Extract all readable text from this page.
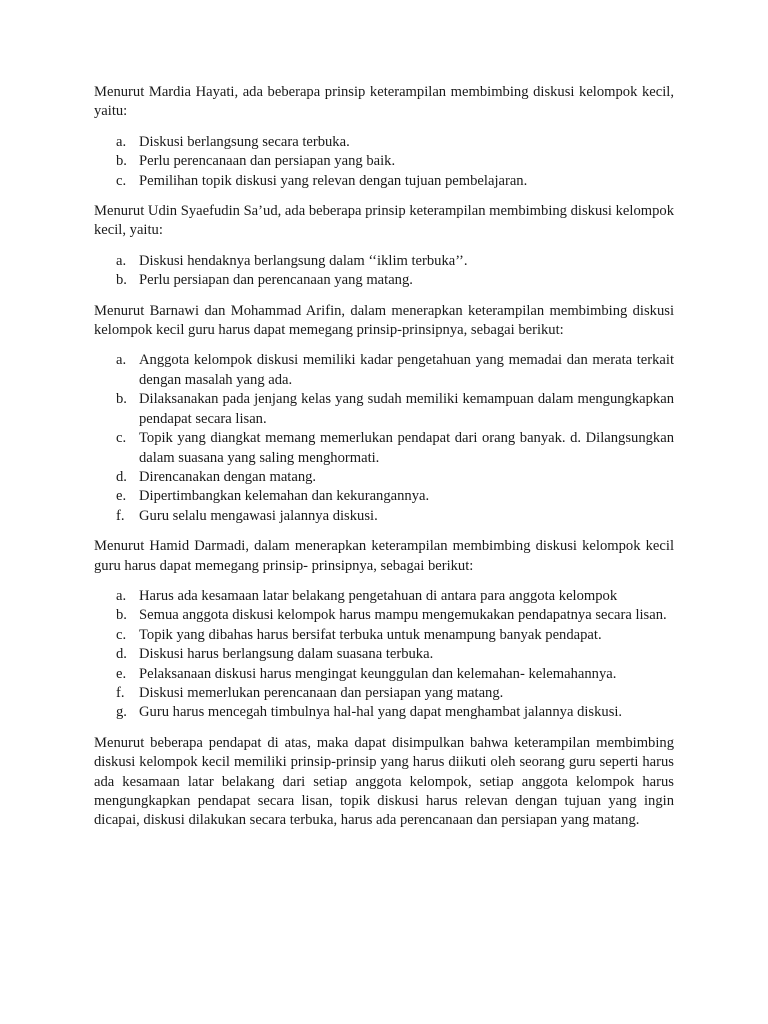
Menurut Mardia Hayati, ada beberapa prinsip keterampilan membimbing diskusi kelompok kecil, yaitu:

a. Diskusi berlangsung secara terbuka.
b. Perlu perencanaan dan persiapan yang baik.
c. Pemilihan topik diskusi yang relevan dengan tujuan pembelajaran.

Menurut Udin Syaefudin Sa’ud, ada beberapa prinsip keterampilan membimbing diskusi kelompok kecil, yaitu:

a. Diskusi hendaknya berlangsung dalam ‘‘iklim terbuka’’.
b. Perlu persiapan dan perencanaan yang matang.

Menurut Barnawi dan Mohammad Arifin, dalam menerapkan keterampilan membimbing diskusi kelompok kecil guru harus dapat memegang prinsip-prinsipnya, sebagai berikut:

a. Anggota kelompok diskusi memiliki kadar pengetahuan yang memadai dan merata terkait dengan masalah yang ada.
b. Dilaksanakan pada jenjang kelas yang sudah memiliki kemampuan dalam mengungkapkan pendapat secara lisan.
c. Topik yang diangkat memang memerlukan pendapat dari orang banyak. d. Dilangsungkan dalam suasana yang saling menghormati.
d. Direncanakan dengan matang.
e. Dipertimbangkan kelemahan dan kekurangannya.
f. Guru selalu mengawasi jalannya diskusi.

Menurut Hamid Darmadi, dalam menerapkan keterampilan membimbing diskusi kelompok kecil guru harus dapat memegang prinsip- prinsipnya, sebagai berikut:

a. Harus ada kesamaan latar belakang pengetahuan di antara para anggota kelompok
b. Semua anggota diskusi kelompok harus mampu mengemukakan pendapatnya secara lisan.
c. Topik yang dibahas harus bersifat terbuka untuk menampung banyak pendapat.
d. Diskusi harus berlangsung dalam suasana terbuka.
e. Pelaksanaan diskusi harus mengingat keunggulan dan kelemahan- kelemahannya.
f. Diskusi memerlukan perencanaan dan persiapan yang matang.
g. Guru harus mencegah timbulnya hal-hal yang dapat menghambat jalannya diskusi.

Menurut beberapa pendapat di atas, maka dapat disimpulkan bahwa keterampilan membimbing diskusi kelompok kecil memiliki prinsip-prinsip yang harus diikuti oleh seorang guru seperti harus ada kesamaan latar belakang dari setiap anggota kelompok, setiap anggota kelompok harus mengungkapkan pendapat secara lisan, topik diskusi harus relevan dengan tujuan yang ingin dicapai, diskusi dilakukan secara terbuka, harus ada perencanaan dan persiapan yang matang.
